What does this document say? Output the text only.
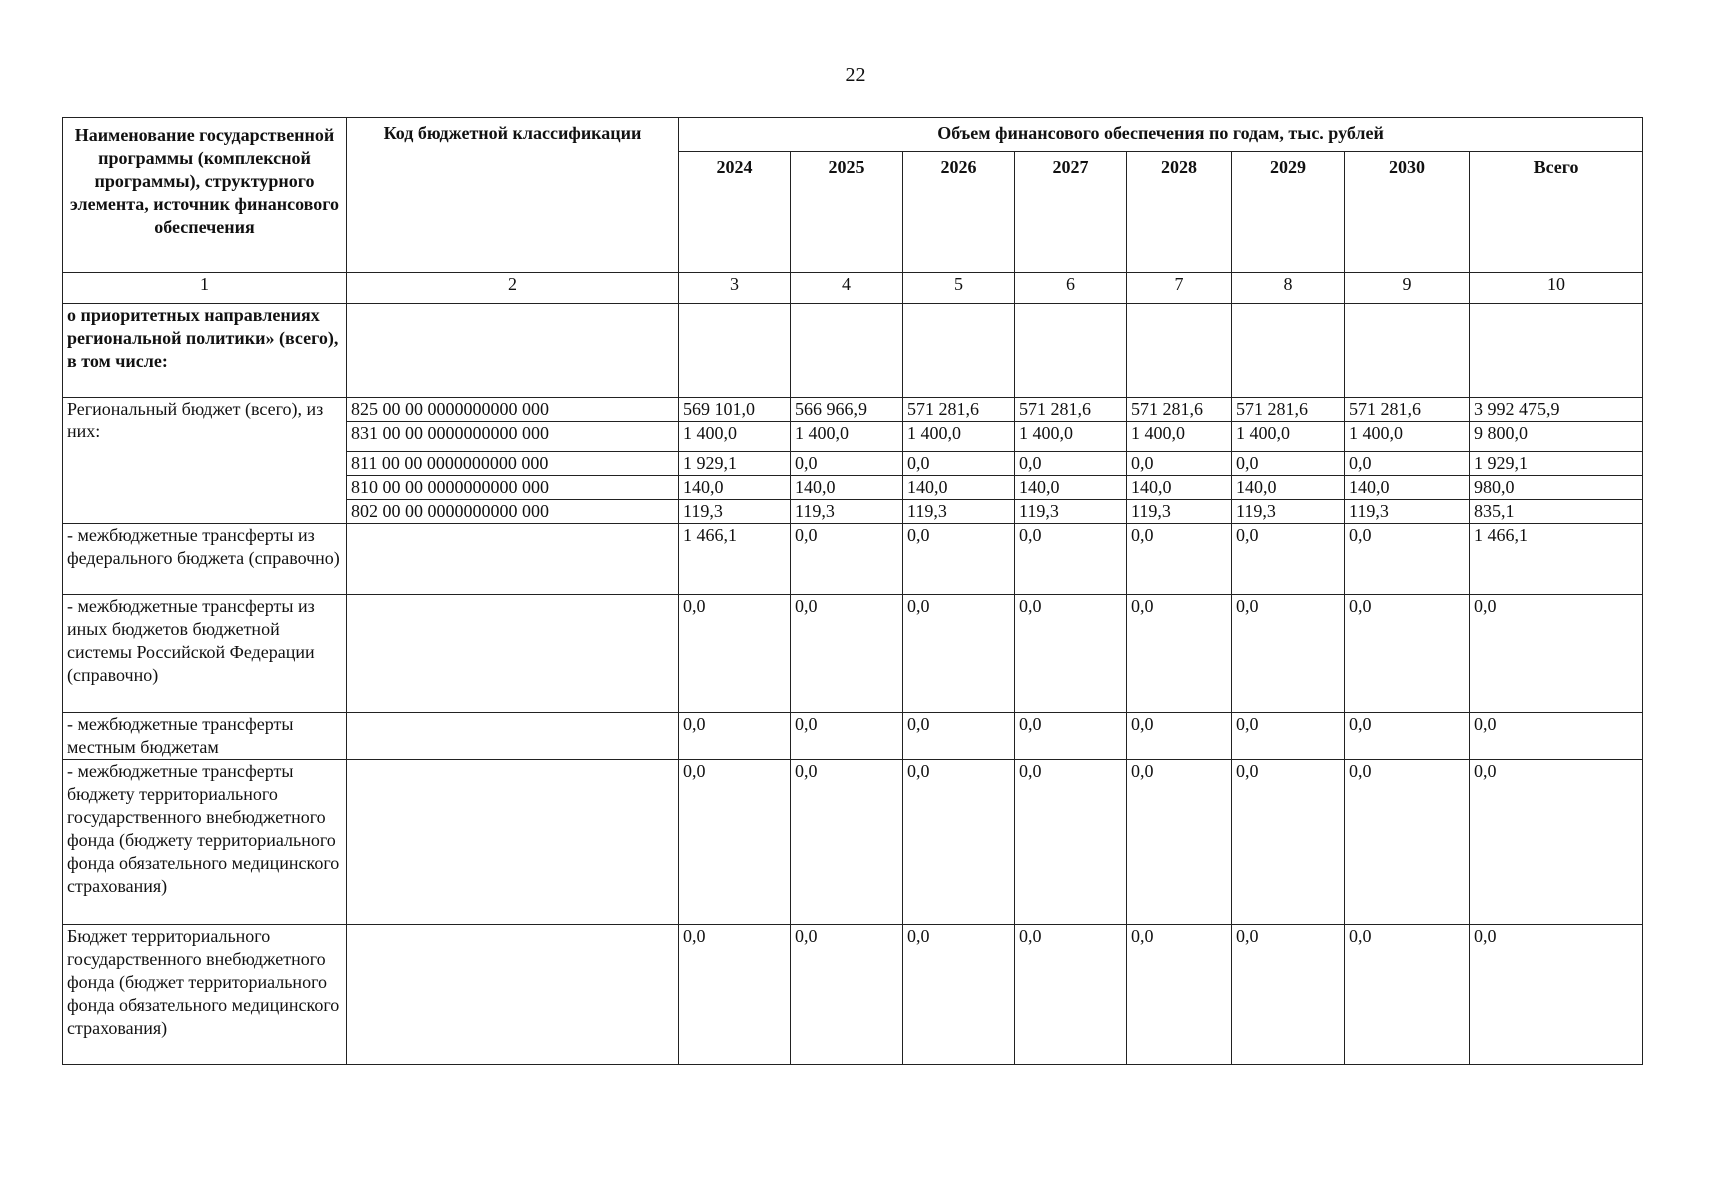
22
Наименование государственной программы (комплексной программы), структурного элемента, источник финансового обеспечения	Код бюджетной классификации	Объем финансового обеспечения по годам, тыс. рублей							
		2024	2025	2026	2027	2028	2029	2030	Всего
1	2	3	4	5	6	7	8	9	10
о приоритетных направлениях региональной политики» (всего), в том числе:									
Региональный бюджет (всего), из них:	825 00 00 0000000000 000	569 101,0	566 966,9	571 281,6	571 281,6	571 281,6	571 281,6	571 281,6	3 992 475,9
	831 00 00 0000000000 000	1 400,0	1 400,0	1 400,0	1 400,0	1 400,0	1 400,0	1 400,0	9 800,0
	811 00 00 0000000000 000	1 929,1	0,0	0,0	0,0	0,0	0,0	0,0	1 929,1
	810 00 00 0000000000 000	140,0	140,0	140,0	140,0	140,0	140,0	140,0	980,0
	802 00 00 0000000000 000	119,3	119,3	119,3	119,3	119,3	119,3	119,3	835,1
- межбюджетные трансферты из федерального бюджета (справочно)		1 466,1	0,0	0,0	0,0	0,0	0,0	0,0	1 466,1
- межбюджетные трансферты из иных бюджетов бюджетной системы Российской Федерации (справочно)		0,0	0,0	0,0	0,0	0,0	0,0	0,0	0,0
- межбюджетные трансферты местным бюджетам		0,0	0,0	0,0	0,0	0,0	0,0	0,0	0,0
- межбюджетные трансферты бюджету территориального государственного внебюджетного фонда (бюджету территориального фонда обязательного медицинского страхования)		0,0	0,0	0,0	0,0	0,0	0,0	0,0	0,0
Бюджет территориального государственного внебюджетного фонда (бюджет территориального фонда обязательного медицинского страхования)		0,0	0,0	0,0	0,0	0,0	0,0	0,0	0,0
